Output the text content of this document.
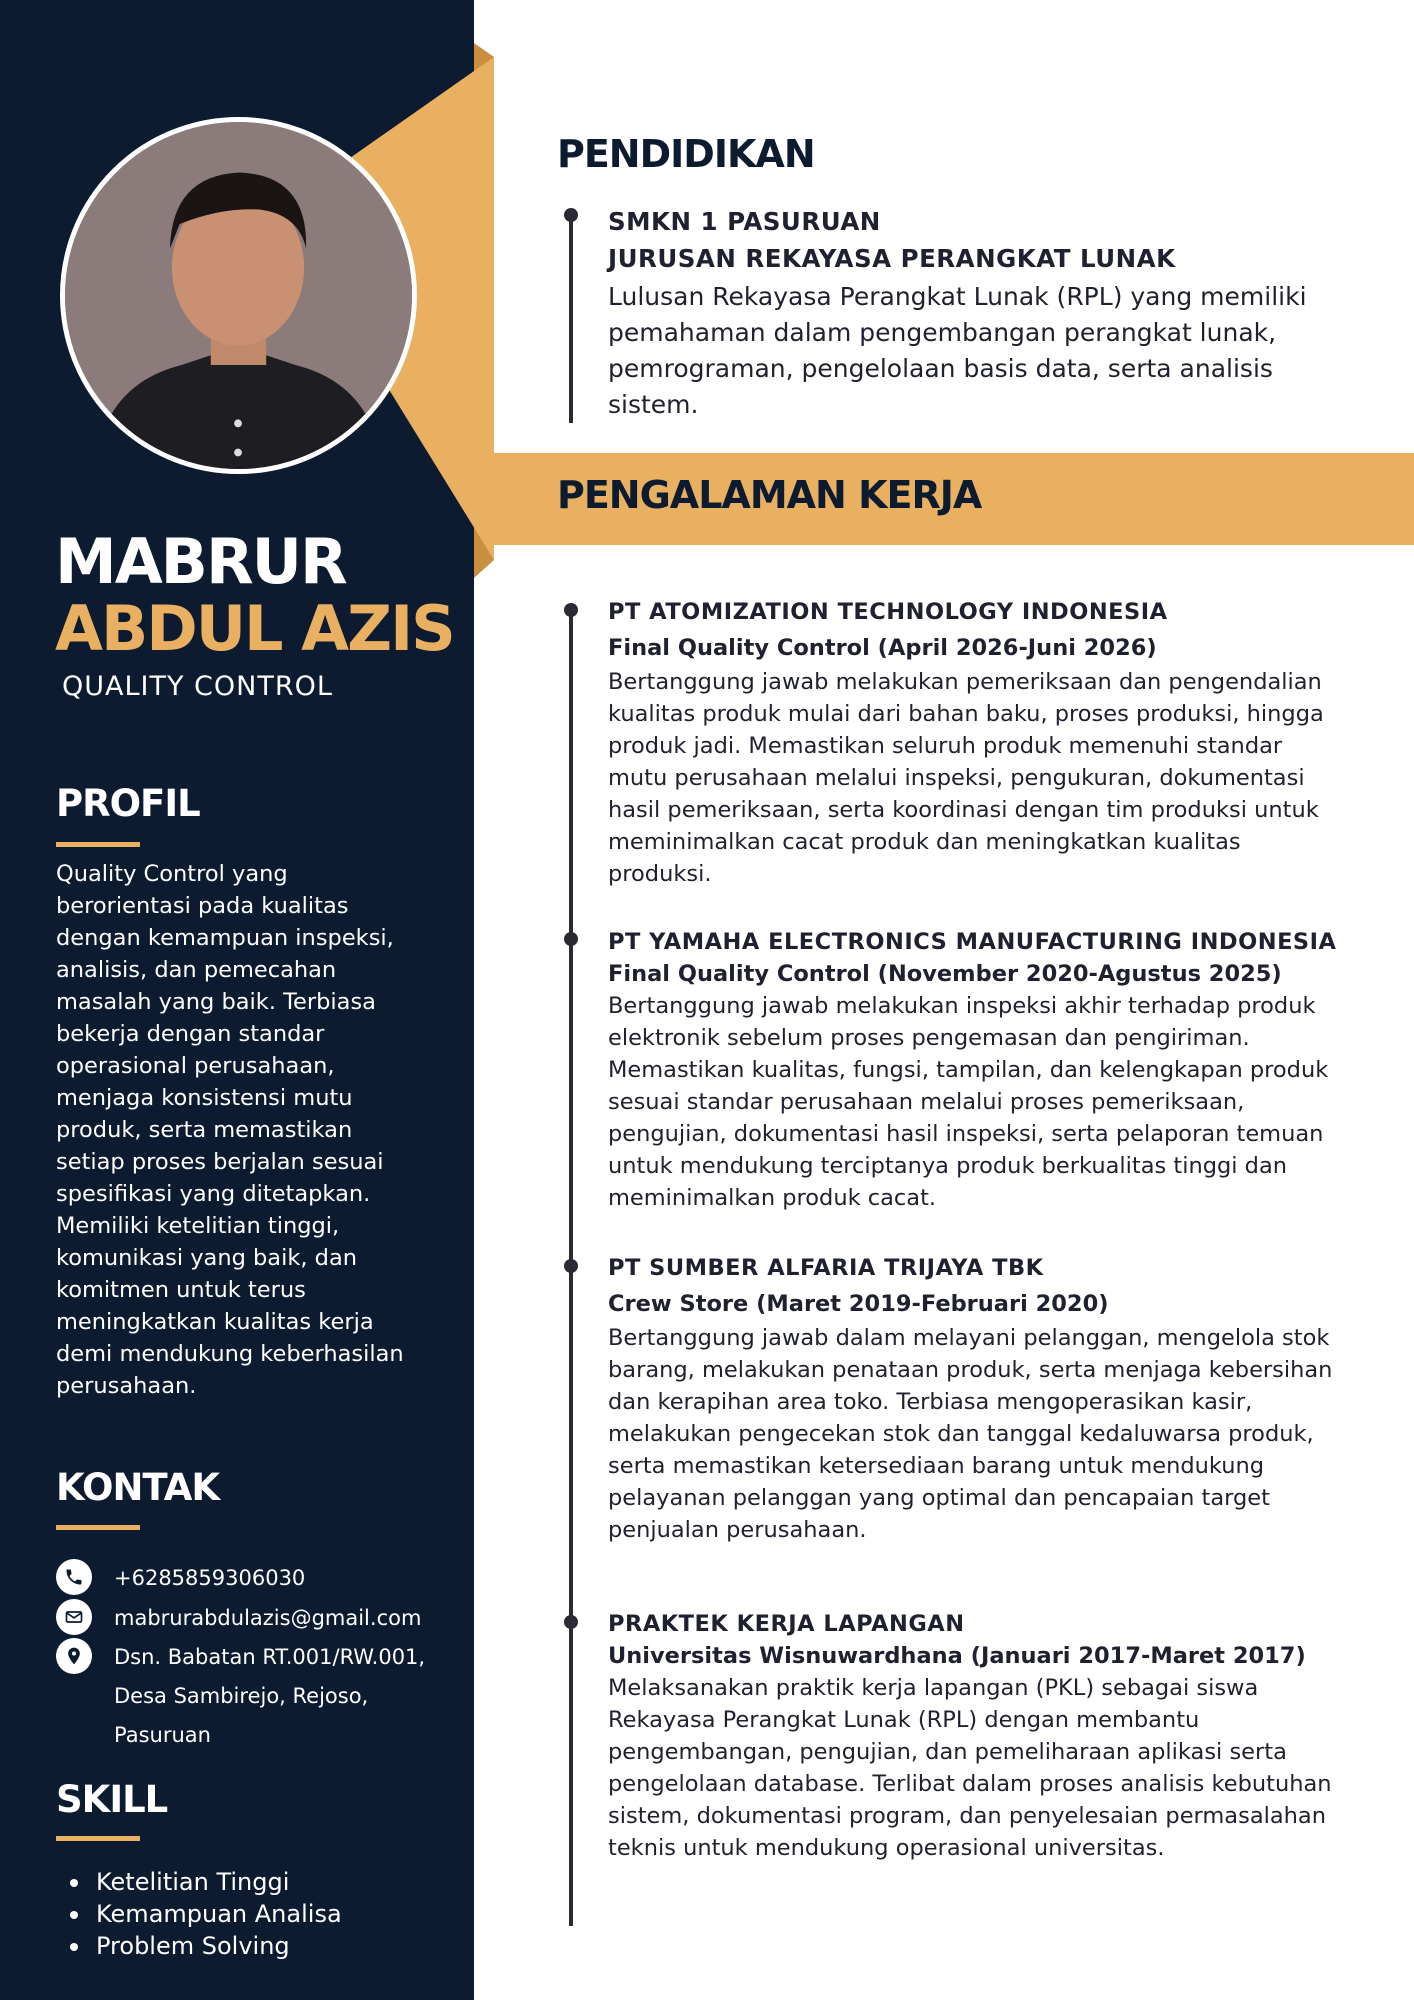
MABRUR
ABDUL AZIS
QUALITY CONTROL
PROFIL
Quality Control yang berorientasi pada kualitas dengan kemampuan inspeksi, analisis, dan pemecahan masalah yang baik. Terbiasa bekerja dengan standar operasional perusahaan, menjaga konsistensi mutu produk, serta memastikan setiap proses berjalan sesuai spesifikasi yang ditetapkan. Memiliki ketelitian tinggi, komunikasi yang baik, dan komitmen untuk terus meningkatkan kualitas kerja demi mendukung keberhasilan perusahaan.
KONTAK
+6285859306030
mabrurabdulazis@gmail.com
Dsn. Babatan RT.001/RW.001, Desa Sambirejo, Rejoso, Pasuruan
SKILL
Ketelitian Tinggi
Kemampuan Analisa
Problem Solving
PENDIDIKAN
SMKN 1 PASURUAN
JURUSAN REKAYASA PERANGKAT LUNAK
Lulusan Rekayasa Perangkat Lunak (RPL) yang memiliki pemahaman dalam pengembangan perangkat lunak, pemrograman, pengelolaan basis data, serta analisis sistem.
PENGALAMAN KERJA
PT ATOMIZATION TECHNOLOGY INDONESIA
Final Quality Control (April 2026-Juni 2026)
Bertanggung jawab melakukan pemeriksaan dan pengendalian kualitas produk mulai dari bahan baku, proses produksi, hingga produk jadi. Memastikan seluruh produk memenuhi standar mutu perusahaan melalui inspeksi, pengukuran, dokumentasi hasil pemeriksaan, serta koordinasi dengan tim produksi untuk meminimalkan cacat produk dan meningkatkan kualitas produksi.
PT YAMAHA ELECTRONICS MANUFACTURING INDONESIA
Final Quality Control (November 2020-Agustus 2025)
Bertanggung jawab melakukan inspeksi akhir terhadap produk elektronik sebelum proses pengemasan dan pengiriman. Memastikan kualitas, fungsi, tampilan, dan kelengkapan produk sesuai standar perusahaan melalui proses pemeriksaan, pengujian, dokumentasi hasil inspeksi, serta pelaporan temuan untuk mendukung terciptanya produk berkualitas tinggi dan meminimalkan produk cacat.
PT SUMBER ALFARIA TRIJAYA TBK
Crew Store (Maret 2019-Februari 2020)
Bertanggung jawab dalam melayani pelanggan, mengelola stok barang, melakukan penataan produk, serta menjaga kebersihan dan kerapihan area toko. Terbiasa mengoperasikan kasir, melakukan pengecekan stok dan tanggal kedaluwarsa produk, serta memastikan ketersediaan barang untuk mendukung pelayanan pelanggan yang optimal dan pencapaian target penjualan perusahaan.
PRAKTEK KERJA LAPANGAN
Universitas Wisnuwardhana (Januari 2017-Maret 2017)
Melaksanakan praktik kerja lapangan (PKL) sebagai siswa Rekayasa Perangkat Lunak (RPL) dengan membantu pengembangan, pengujian, dan pemeliharaan aplikasi serta pengelolaan database. Terlibat dalam proses analisis kebutuhan sistem, dokumentasi program, dan penyelesaian permasalahan teknis untuk mendukung operasional universitas.
